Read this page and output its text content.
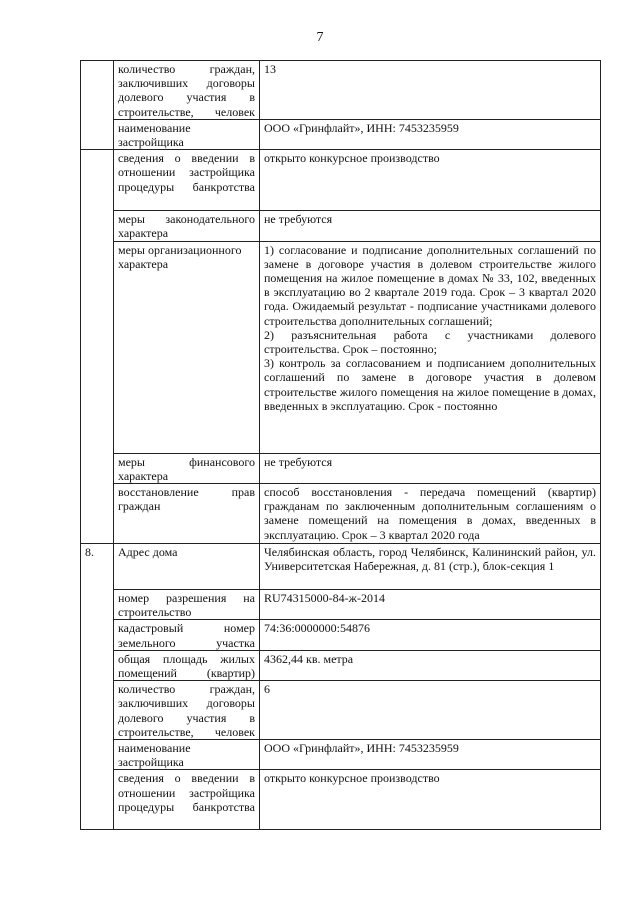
7
	количество граждан, заключивших договоры долевого участия в строительстве, человек	13
	наименование застройщика	ООО «Гринфлайт», ИНН: 7453235959
	сведения о введении в отношении застройщика процедуры банкротства	открыто конкурсное производство
	меры законодательного характера	не требуются
	меры организационного характера	1) согласование и подписание дополнительных соглашений по замене в договоре участия в долевом строительстве жилого помещения на жилое помещение в домах № 33, 102, введенных в эксплуатацию во 2 квартале 2019 года. Срок – 3 квартал 2020 года. Ожидаемый результат - подписание участниками долевого строительства дополнительных соглашений;

2) разъяснительная работа с участниками долевого строительства. Срок – постоянно;

3) контроль за согласованием и подписанием дополнительных соглашений по замене в договоре участия в долевом строительстве жилого помещения на жилое помещение в домах, введенных в эксплуатацию. Срок - постоянно

	меры финансового характера	не требуются
	восстановление прав граждан	способ восстановления - передача помещений (квартир) гражданам по заключенным дополнительным соглашениям о замене помещений на помещения в домах, введенных в эксплуатацию. Срок – 3 квартал 2020 года
8.	Адрес дома	Челябинская область, город Челябинск, Калининский район, ул. Университетская Набережная, д. 81 (стр.), блок-секция 1
	номер разрешения на строительство	RU74315000-84-ж-2014
	кадастровый номер земельного участка	74:36:0000000:54876
	общая площадь жилых помещений (квартир)	4362,44 кв. метра
	количество граждан, заключивших договоры долевого участия в строительстве, человек	6
	наименование застройщика	ООО «Гринфлайт», ИНН: 7453235959
	сведения о введении в отношении застройщика процедуры банкротства	открыто конкурсное производство
